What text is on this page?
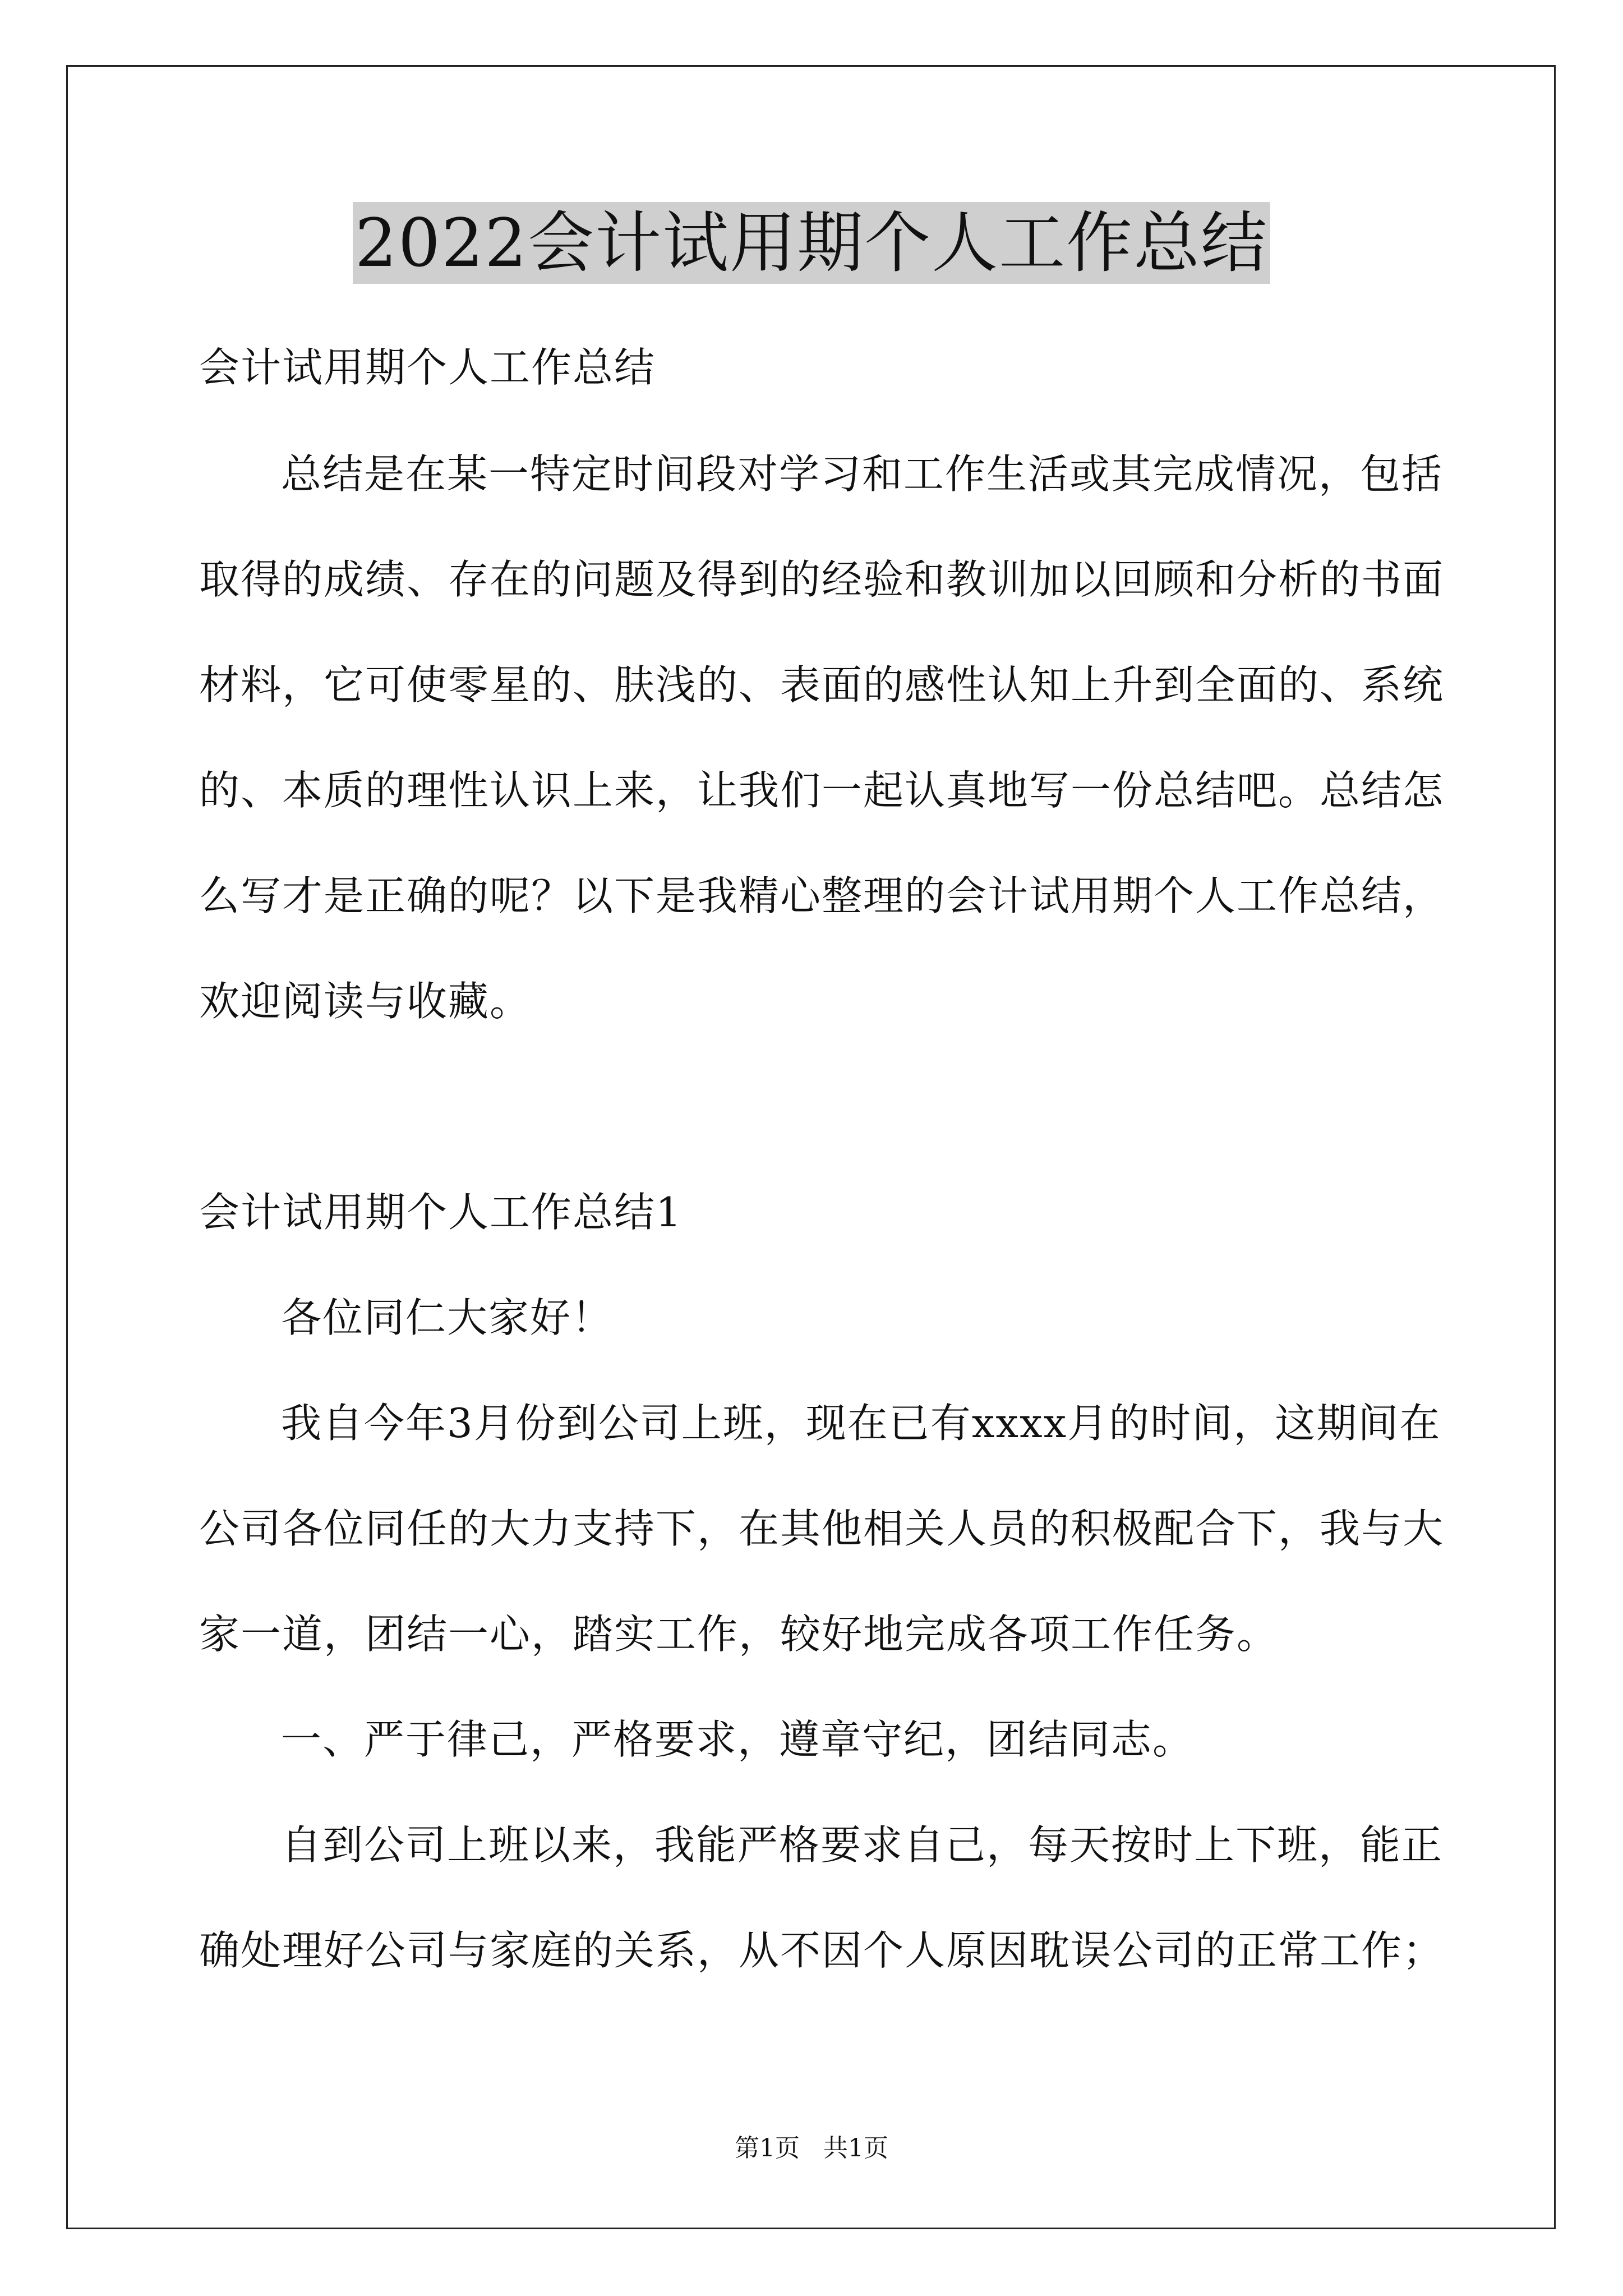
2022会计试用期个人工作总结
会计试用期个人工作总结
总结是在某一特定时间段对学习和工作生活或其完成情况，包括
取得的成绩、存在的问题及得到的经验和教训加以回顾和分析的书面
材料，它可使零星的、肤浅的、表面的感性认知上升到全面的、系统
的、本质的理性认识上来，让我们一起认真地写一份总结吧。总结怎
么写才是正确的呢？以下是我精心整理的会计试用期个人工作总结，
欢迎阅读与收藏。
会计试用期个人工作总结1
各位同仁大家好！
我自今年3月份到公司上班，现在已有xxxx月的时间，这期间在
公司各位同任的大力支持下，在其他相关人员的积极配合下，我与大
家一道，团结一心，踏实工作，较好地完成各项工作任务。
一、严于律己，严格要求，遵章守纪，团结同志。
自到公司上班以来，我能严格要求自己，每天按时上下班，能正
确处理好公司与家庭的关系，从不因个人原因耽误公司的正常工作；
第1页   共1页
